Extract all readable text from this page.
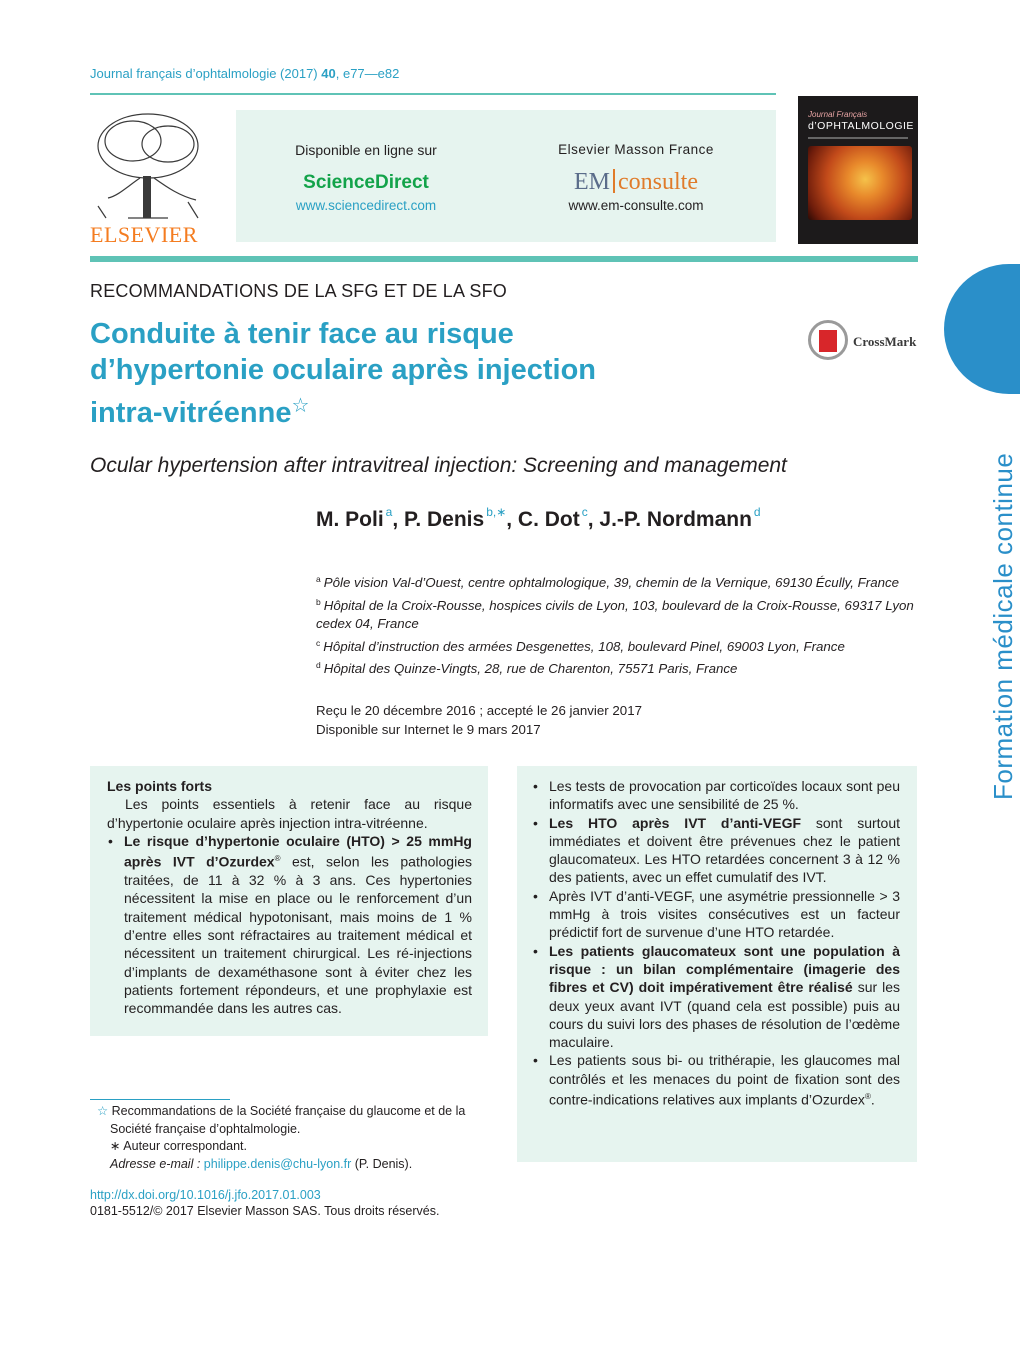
Journal français d’ophtalmologie (2017) 40, e77—e82
ELSEVIER
Disponible en ligne sur
ScienceDirect
www.sciencedirect.com
Elsevier Masson France
EM consulte
www.em-consulte.com
Journal Français
d’OPHTALMOLOGIE
Formation médicale continue
RECOMMANDATIONS DE LA SFG ET DE LA SFO
Conduite à tenir face au risque
d’hypertonie oculaire après injection
intra-vitréenne☆
CrossMark
Ocular hypertension after intravitreal injection: Screening and management
M. Poli $^a$, P. Denis $^{b,∗}$, C. Dot $^c$, J.-P. Nordmann $^d$
$^a$ Pôle vision Val-d’Ouest, centre ophtalmologique, 39, chemin de la Vernique, 69130 Écully, France
$^b$ Hôpital de la Croix-Rousse, hospices civils de Lyon, 103, boulevard de la Croix-Rousse, 69317 Lyon cedex 04, France
$^c$ Hôpital d’instruction des armées Desgenettes, 108, boulevard Pinel, 69003 Lyon, France
$^d$ Hôpital des Quinze-Vingts, 28, rue de Charenton, 75571 Paris, France
Reçu le 20 décembre 2016 ; accepté le 26 janvier 2017
Disponible sur Internet le 9 mars 2017
Les points forts
Les points essentiels à retenir face au risque d’hypertonie oculaire après injection intra-vitréenne.
• Le risque d’hypertonie oculaire (HTO) > 25 mmHg après IVT d’Ozurdex® est, selon les pathologies traitées, de 11 à 32 % à 3 ans. Ces hypertonies nécessitent la mise en place ou le renforcement d’un traitement médical hypotonisant, mais moins de 1 % d’entre elles sont réfractaires au traitement médical et nécessitent un traitement chirurgical. Les ré-injections d’implants de dexaméthasone sont à éviter chez les patients fortement répondeurs, et une prophylaxie est recommandée dans les autres cas.
• Les tests de provocation par corticoïdes locaux sont peu informatifs avec une sensibilité de 25 %.
• Les HTO après IVT d’anti-VEGF sont surtout immédiates et doivent être prévenues chez le patient glaucomateux. Les HTO retardées concernent 3 à 12 % des patients, avec un effet cumulatif des IVT.
• Après IVT d’anti-VEGF, une asymétrie pressionnelle > 3 mmHg à trois visites consécutives est un facteur prédictif fort de survenue d’une HTO retardée.
• Les patients glaucomateux sont une population à risque : un bilan complémentaire (imagerie des fibres et CV) doit impérativement être réalisé sur les deux yeux avant IVT (quand cela est possible) puis au cours du suivi lors des phases de résolution de l’œdème maculaire.
• Les patients sous bi- ou trithérapie, les glaucomes mal contrôlés et les menaces du point de fixation sont des contre-indications relatives aux implants d’Ozurdex®.
☆ Recommandations de la Société française du glaucome et de la Société française d’ophtalmologie.
∗ Auteur correspondant.
Adresse e-mail : philippe.denis@chu-lyon.fr (P. Denis).
http://dx.doi.org/10.1016/j.jfo.2017.01.003
0181-5512/© 2017 Elsevier Masson SAS. Tous droits réservés.
